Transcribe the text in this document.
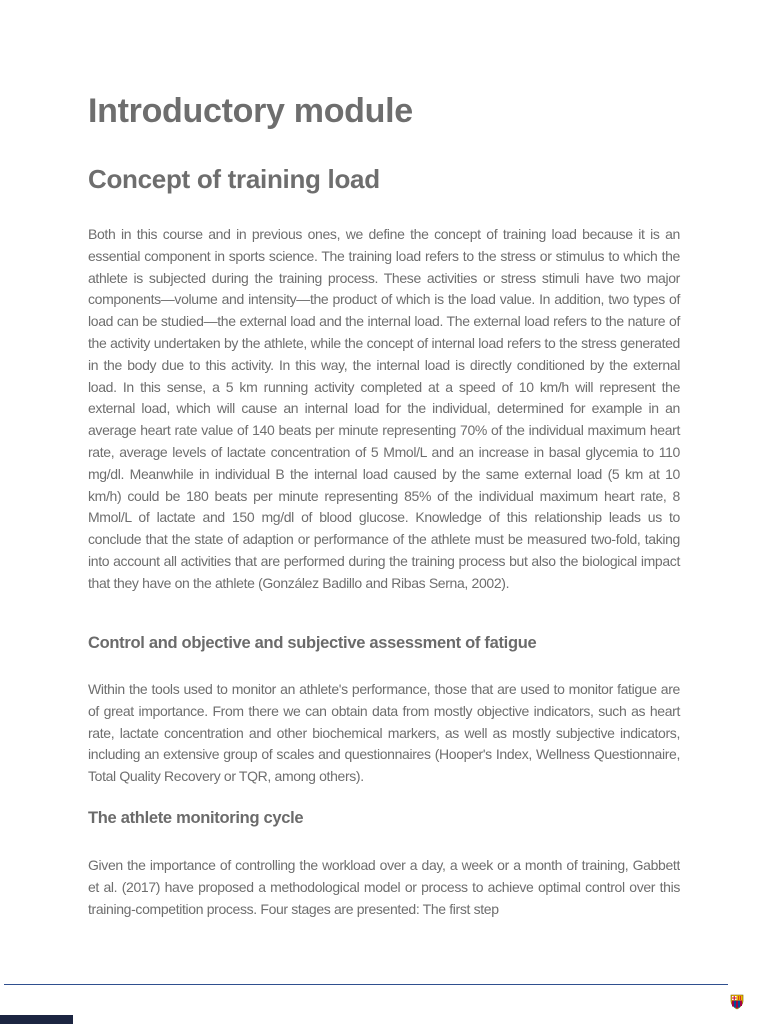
Introductory module
Concept of training load

Both in this course and in previous ones, we define the concept of training load because it is an essential component in sports science. The training load refers to the stress or stimulus to which the athlete is subjected during the training process. These activities or stress stimuli have two major components—volume and intensity—the product of which is the load value. In addition, two types of load can be studied—the external load and the internal load. The external load refers to the nature of the activity undertaken by the athlete, while the concept of internal load refers to the stress generated in the body due to this activity. In this way, the internal load is directly conditioned by the external load. In this sense, a 5 km running activity completed at a speed of 10 km/h will represent the external load, which will cause an internal load for the individual, determined for example in an average heart rate value of 140 beats per minute representing 70% of the individual maximum heart rate, average levels of lactate concentration of 5 Mmol/L and an increase in basal glycemia to 110 mg/dl. Meanwhile in individual B the internal load caused by the same external load (5 km at 10 km/h) could be 180 beats per minute representing 85% of the individual maximum heart rate, 8 Mmol/L of lactate and 150 mg/dl of blood glucose. Knowledge of this relationship leads us to conclude that the state of adaption or performance of the athlete must be measured two-fold, taking into account all activities that are performed during the training process but also the biological impact that they have on the athlete (González Badillo and Ribas Serna, 2002).

Control and objective and subjective assessment of fatigue

Within the tools used to monitor an athlete's performance, those that are used to monitor fatigue are of great importance. From there we can obtain data from mostly objective indicators, such as heart rate, lactate concentration and other biochemical markers, as well as mostly subjective indicators, including an extensive group of scales and questionnaires (Hooper's Index, Wellness Questionnaire, Total Quality Recovery or TQR, among others).

The athlete monitoring cycle

Given the importance of controlling the workload over a day, a week or a month of training, Gabbett et al. (2017) have proposed a methodological model or process to achieve optimal control over this training-competition process. Four stages are presented: The first step
